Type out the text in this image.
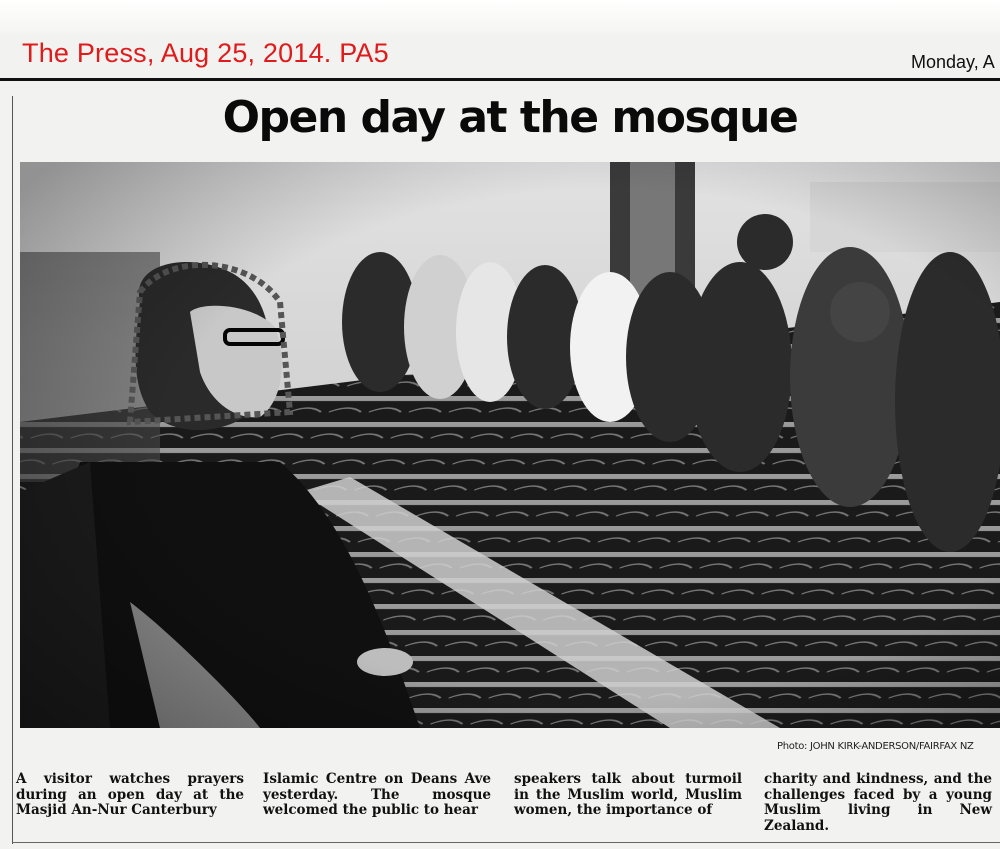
The Press, Aug 25, 2014. PA5	Monday, A
Open day at the mosque
Photo: JOHN KIRK-ANDERSON/FAIRFAX NZ
A visitor watches prayers during an open day at the Masjid An-Nur Canterbury
Islamic Centre on Deans Ave yesterday. The mosque welcomed the public to hear
speakers talk about turmoil in the Muslim world, Muslim women, the importance of
charity and kindness, and the challenges faced by a young Muslim living in New Zealand.
